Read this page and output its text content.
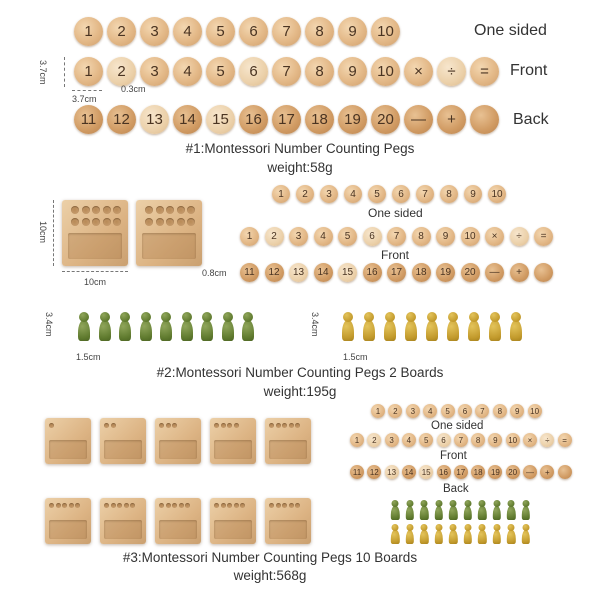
1	2	3	4	5	6	7	8	9	10	One sided
1	2	3	4	5	6	7	8	9	10	×	÷	=	Front
11	12	13	14	15	16	17	18	19	20	—	+	Back
3.7cm
3.7cm
0.3cm
#1:Montessori Number Counting Pegs
weight:58g
10cm
10cm
0.8cm
1	2	3	4	5	6	7	8	9	10
One sided
1	2	3	4	5	6	7	8	9	10	×	÷	=
Front
11	12	13	14	15	16	17	18	19	20	—	+
3.4cm
1.5cm
3.4cm
1.5cm
#2:Montessori Number Counting Pegs 2 Boards
weight:195g
1	2	3	4	5	6	7	8	9	10
One sided
1	2	3	4	5	6	7	8	9	10	×	÷	=
Front
11	12	13	14	15	16	17	18	19	20	—	+
Back
#3:Montessori Number Counting Pegs 10 Boards
weight:568g
